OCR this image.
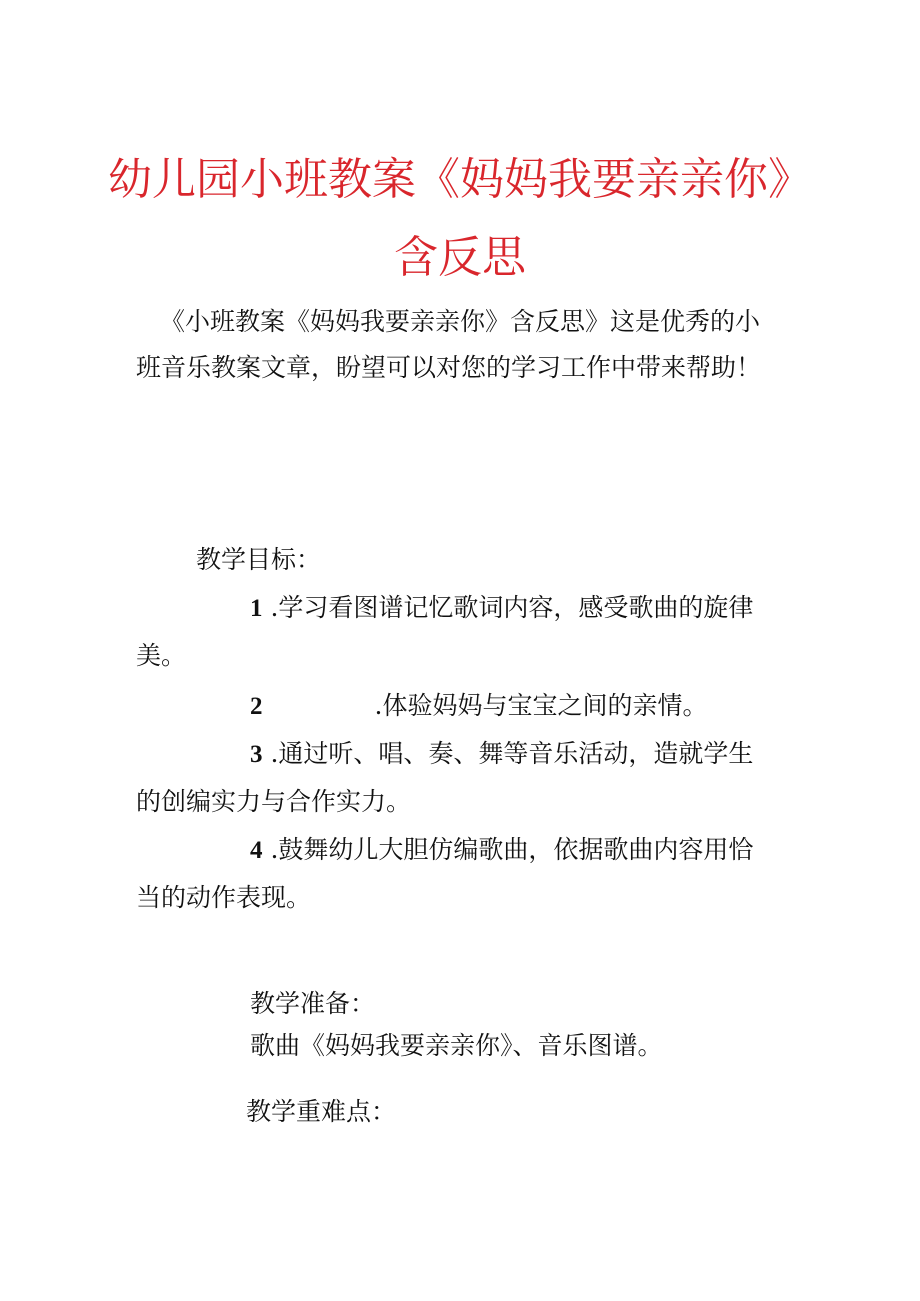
幼儿园小班教案《妈妈我要亲亲你》
含反思
《小班教案《妈妈我要亲亲你》含反思》这是优秀的小
班音乐教案文章，盼望可以对您的学习工作中带来帮助！
教学目标：
1 .学习看图谱记忆歌词内容，感受歌曲的旋律
美。
2	.体验妈妈与宝宝之间的亲情。
3 .通过听、唱、奏、舞等音乐活动，造就学生
的创编实力与合作实力。
4 .鼓舞幼儿大胆仿编歌曲，依据歌曲内容用恰
当的动作表现。
教学准备：
歌曲《妈妈我要亲亲你》、音乐图谱。
教学重难点：
